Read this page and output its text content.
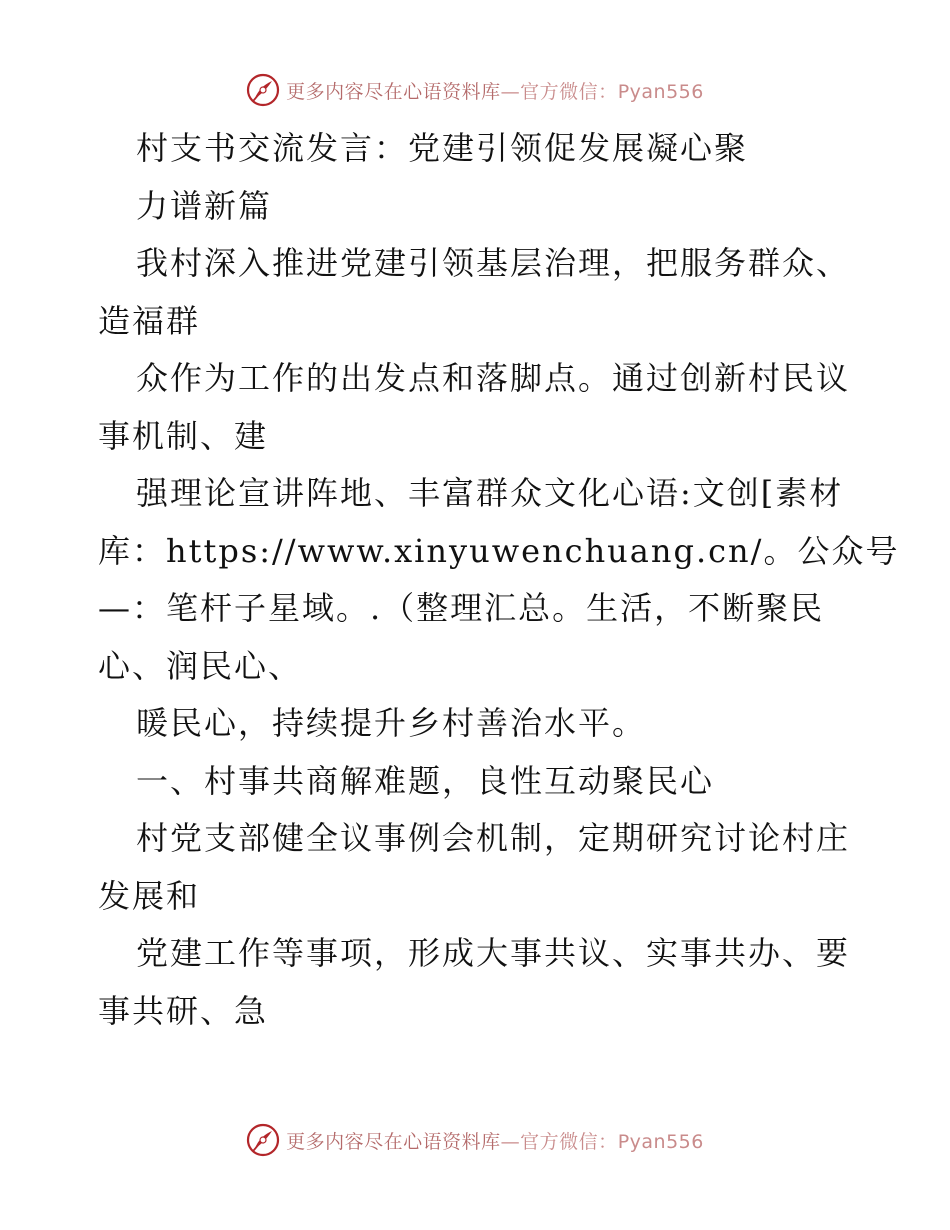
更多内容尽在心语资料库—官方微信：Pyan556
村支书交流发言：党建引领促发展凝心聚
力谱新篇
我村深入推进党建引领基层治理，把服务群众、
造福群
众作为工作的出发点和落脚点。通过创新村民议
事机制、建
强理论宣讲阵地、丰富群众文化心语:文创[素材
库：https://www.xinyuwenchuang.cn/。公众号
—：笔杆子星域。.（整理汇总。生活，不断聚民
心、润民心、
暖民心，持续提升乡村善治水平。
一、村事共商解难题，良性互动聚民心
村党支部健全议事例会机制，定期研究讨论村庄
发展和
党建工作等事项，形成大事共议、实事共办、要
事共研、急
更多内容尽在心语资料库—官方微信：Pyan556
